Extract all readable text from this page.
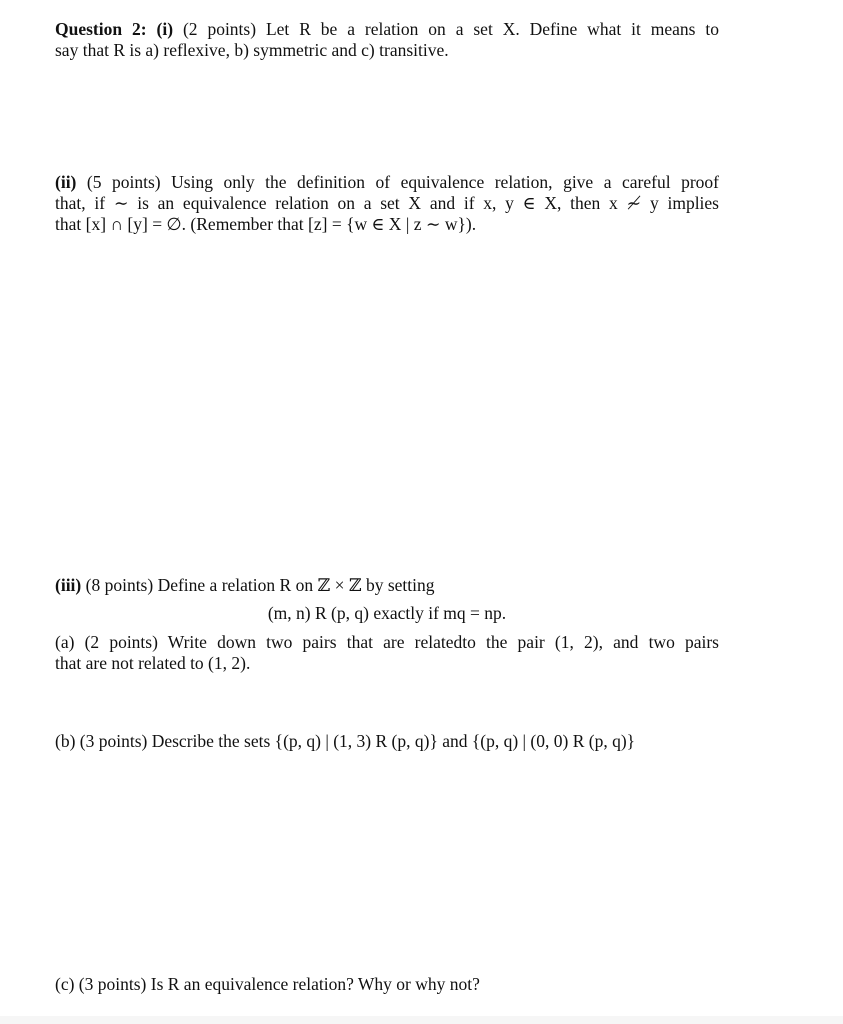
Question 2: (i) (2 points) Let R be a relation on a set X. Define what it means to
say that R is a) reflexive, b) symmetric and c) transitive.
(ii) (5 points) Using only the definition of equivalence relation, give a careful proof
that, if ∼ is an equivalence relation on a set X and if x, y ∈ X, then x ≁ y implies
that [x] ∩ [y] = ∅. (Remember that [z] = {w ∈ X | z ∼ w}).
(iii) (8 points) Define a relation R on ℤ × ℤ by setting
(m, n) R (p, q) exactly if mq = np.
(a) (2 points) Write down two pairs that are relatedto the pair (1, 2), and two pairs
that are not related to (1, 2).
(b) (3 points) Describe the sets {(p, q) | (1, 3) R (p, q)} and {(p, q) | (0, 0) R (p, q)}
(c) (3 points) Is R an equivalence relation? Why or why not?
